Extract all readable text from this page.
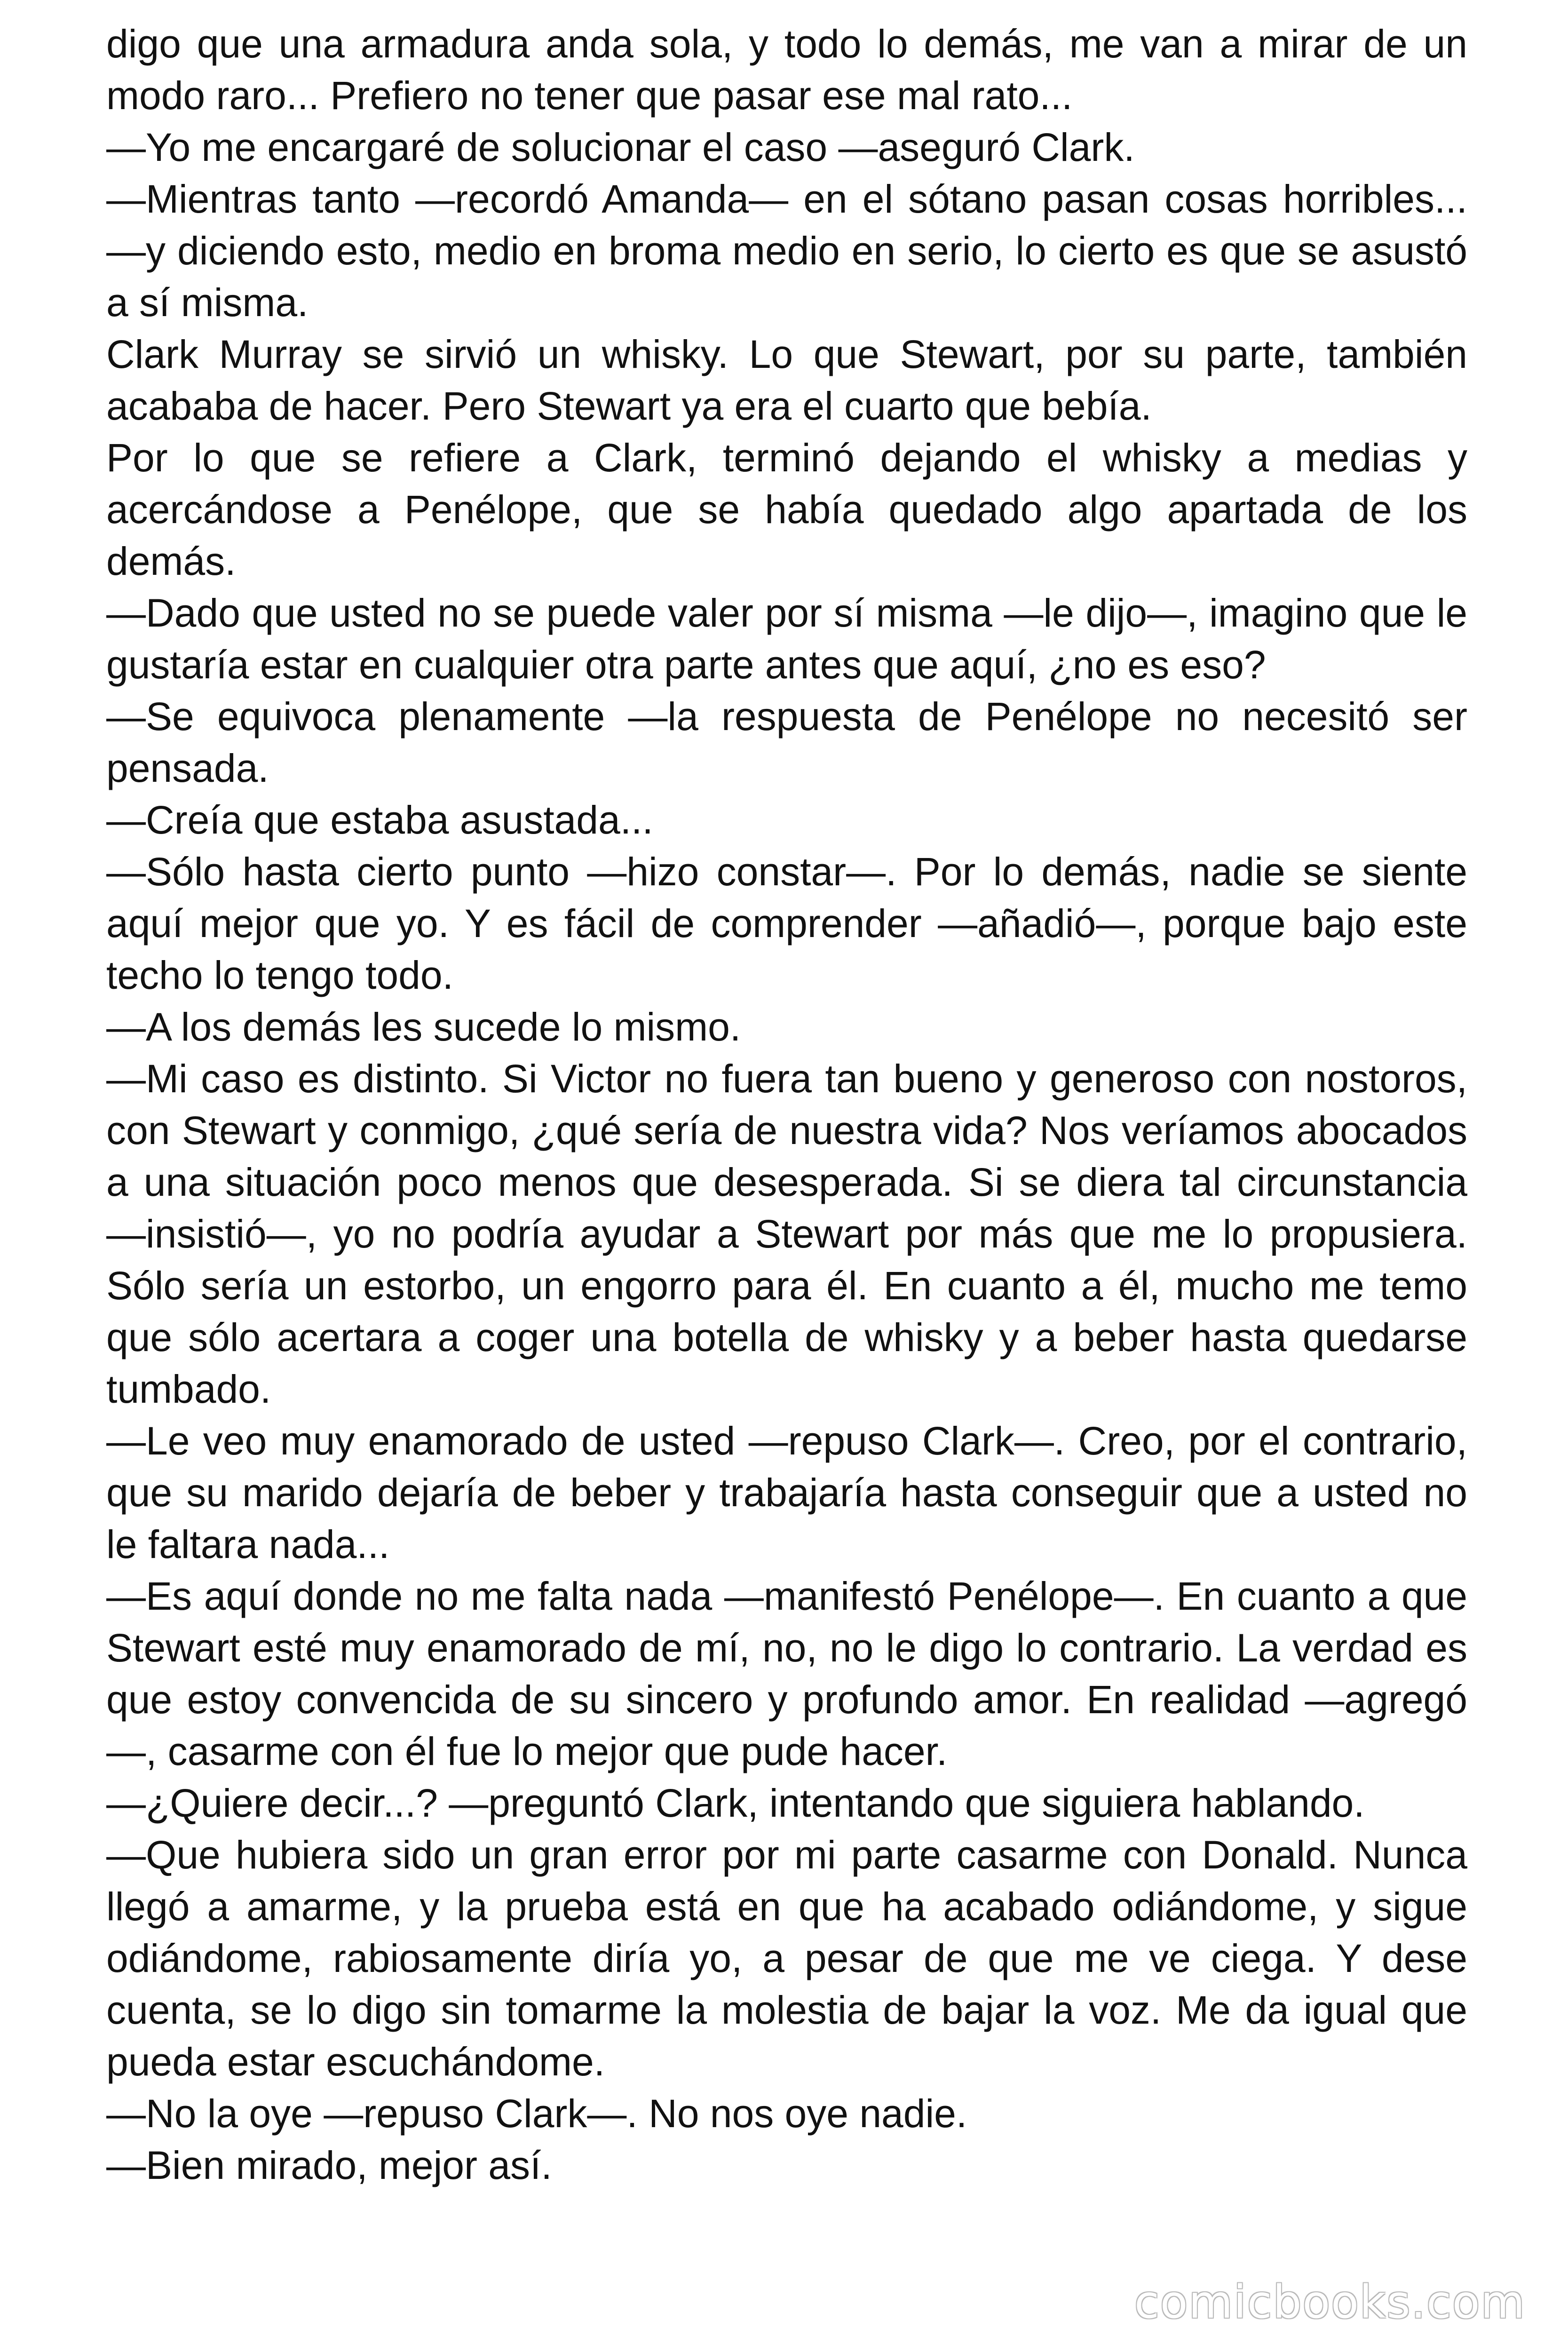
digo que una armadura anda sola, y todo lo demás, me van a mirar de un modo raro... Prefiero no tener que pasar ese mal rato...

—Yo me encargaré de solucionar el caso —aseguró Clark.

—Mientras tanto —recordó Amanda— en el sótano pasan cosas horribles... —y diciendo esto, medio en broma medio en serio, lo cierto es que se asustó a sí misma.

Clark Murray se sirvió un whisky. Lo que Stewart, por su parte, también acababa de hacer. Pero Stewart ya era el cuarto que bebía.

Por lo que se refiere a Clark, terminó dejando el whisky a medias y acercándose a Penélope, que se había quedado algo apartada de los demás.

—Dado que usted no se puede valer por sí misma —le dijo—, imagino que le gustaría estar en cualquier otra parte antes que aquí, ¿no es eso?

—Se equivoca plenamente —la respuesta de Penélope no necesitó ser pensada.

—Creía que estaba asustada...

—Sólo hasta cierto punto —hizo constar—. Por lo demás, nadie se siente aquí mejor que yo. Y es fácil de comprender —añadió—, porque bajo este techo lo tengo todo.

—A los demás les sucede lo mismo.

—Mi caso es distinto. Si Victor no fuera tan bueno y generoso con nostoros, con Stewart y conmigo, ¿qué sería de nuestra vida? Nos veríamos abocados a una situación poco menos que desesperada. Si se diera tal circunstancia —insistió—, yo no podría ayudar a Stewart por más que me lo propusiera. Sólo sería un estorbo, un engorro para él. En cuanto a él, mucho me temo que sólo acertara a coger una botella de whisky y a beber hasta quedarse tumbado.

—Le veo muy enamorado de usted —repuso Clark—. Creo, por el contrario, que su marido dejaría de beber y trabajaría hasta conseguir que a usted no le faltara nada...

—Es aquí donde no me falta nada —manifestó Penélope—. En cuanto a que Stewart esté muy enamorado de mí, no, no le digo lo contrario. La verdad es que estoy convencida de su sincero y profundo amor. En realidad —agregó—, casarme con él fue lo mejor que pude hacer.

—¿Quiere decir...? —preguntó Clark, intentando que siguiera hablando.

—Que hubiera sido un gran error por mi parte casarme con Donald. Nunca llegó a amarme, y la prueba está en que ha acabado odiándome, y sigue odiándome, rabiosamente diría yo, a pesar de que me ve ciega. Y dese cuenta, se lo digo sin tomarme la molestia de bajar la voz. Me da igual que pueda estar escuchándome.

—No la oye —repuso Clark—. No nos oye nadie.

—Bien mirado, mejor así.

comicbooks.com
